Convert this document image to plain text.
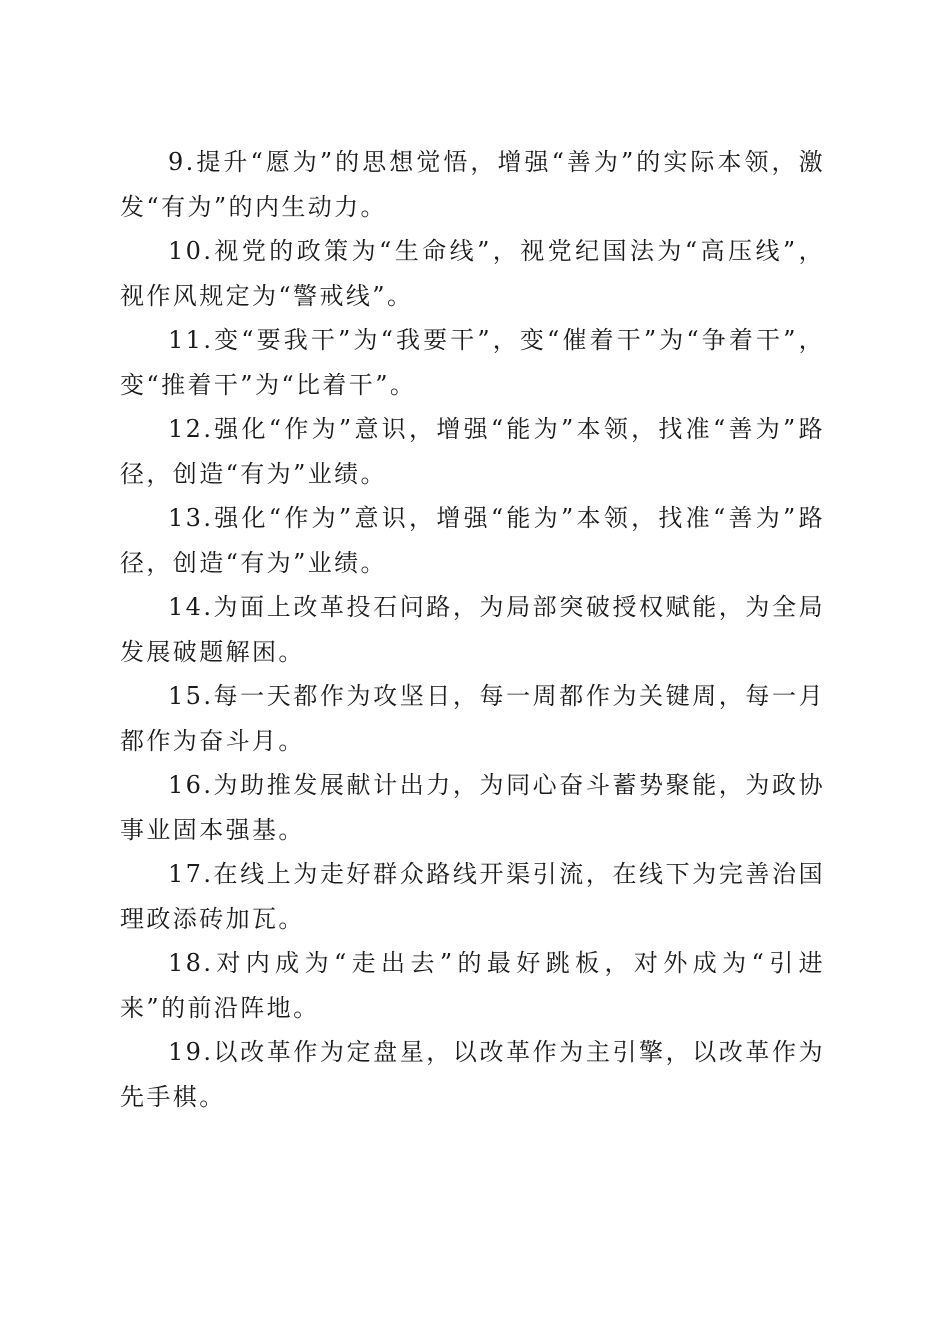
9.提升“愿为”的思想觉悟，增强“善为”的实际本领，激发“有为”的内生动力。

10.视党的政策为“生命线”，视党纪国法为“高压线”，视作风规定为“警戒线”。

11.变“要我干”为“我要干”，变“催着干”为“争着干”，变“推着干”为“比着干”。

12.强化“作为”意识，增强“能为”本领，找准“善为”路径，创造“有为”业绩。

13.强化“作为”意识，增强“能为”本领，找准“善为”路径，创造“有为”业绩。

14.为面上改革投石问路，为局部突破授权赋能，为全局发展破题解困。

15.每一天都作为攻坚日，每一周都作为关键周，每一月都作为奋斗月。

16.为助推发展献计出力，为同心奋斗蓄势聚能，为政协事业固本强基。

17.在线上为走好群众路线开渠引流，在线下为完善治国理政添砖加瓦。

18.对内成为“走出去”的最好跳板，对外成为“引进来”的前沿阵地。

19.以改革作为定盘星，以改革作为主引擎，以改革作为先手棋。
